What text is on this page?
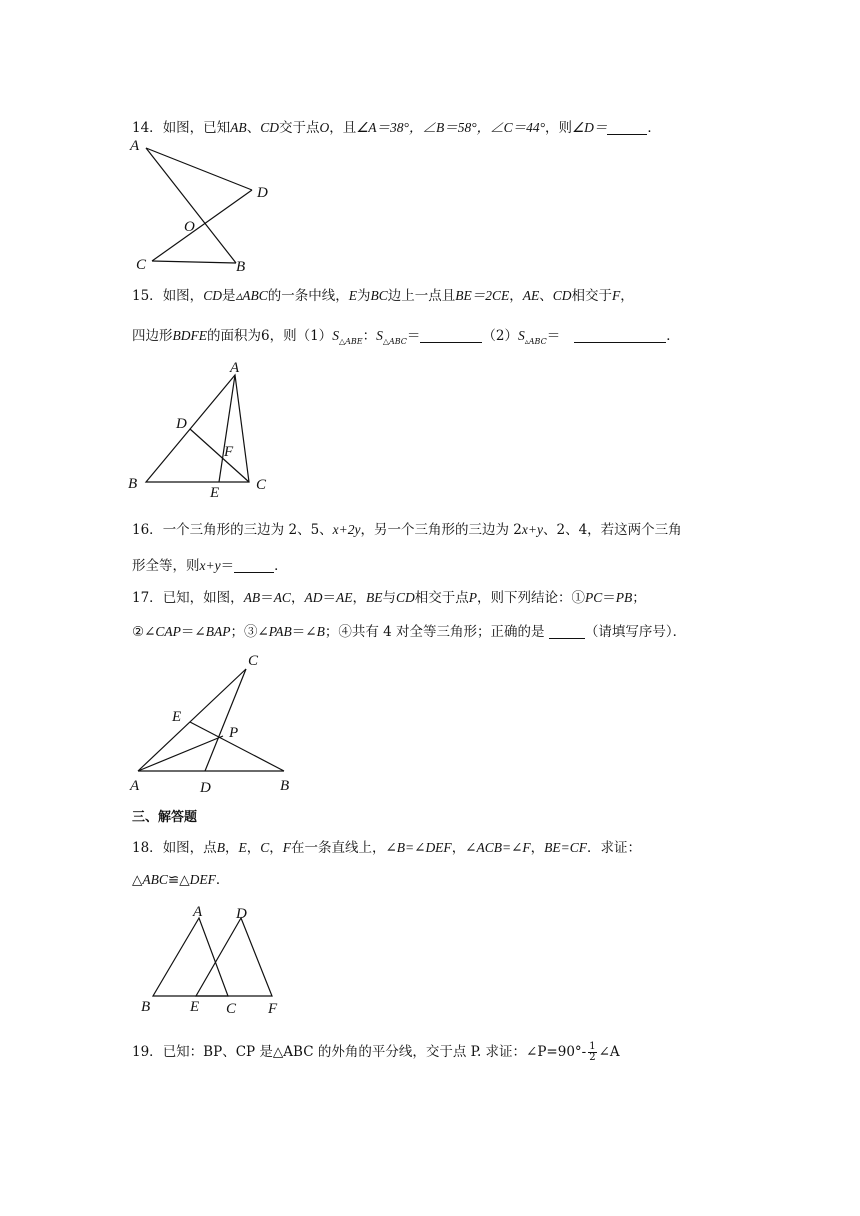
14．如图，已知AB、CD交于点O，且∠A＝38°，∠B＝58°，∠C＝44°，则∠D＝	．
A
D
O
C	B
15．如图，CD是▵ABC的一条中线，E为BC边上一点且BE＝2CE，AE、CD相交于F，
四边形BDFE的面积为6，则$(1)S_{\triangle ABE}$：$S_{\triangle ABC}=$	$(2)S_{▵ABC}=$	．
A
D
F
B
E C
16．一个三角形的三边为 2、5、x+2y，另一个三角形的三边为 2x+y、2、4，若这两个三角
形全等，则x+y＝	．
17．已知，如图，AB＝AC，AD＝AE，BE与CD相交于点P，则下列结论：①PC＝PB；
②∠CAP＝∠BAP；③∠PAB＝∠B；④共有 4 对全等三角形；正确的是	（请填写序号）．
C
E
P
A	D	B
三、解答题
18．如图，点B，E，C，F在一条直线上，∠B=∠DEF，∠ACB=∠F，BE=CF．求证：
△ABC≌△DEF．
A D
B	E C F
19．已知：BP、CP 是△ABC 的外角的平分线，交于点 P. 求证：∠P=90°- $\frac{1}{2}$ ∠A
